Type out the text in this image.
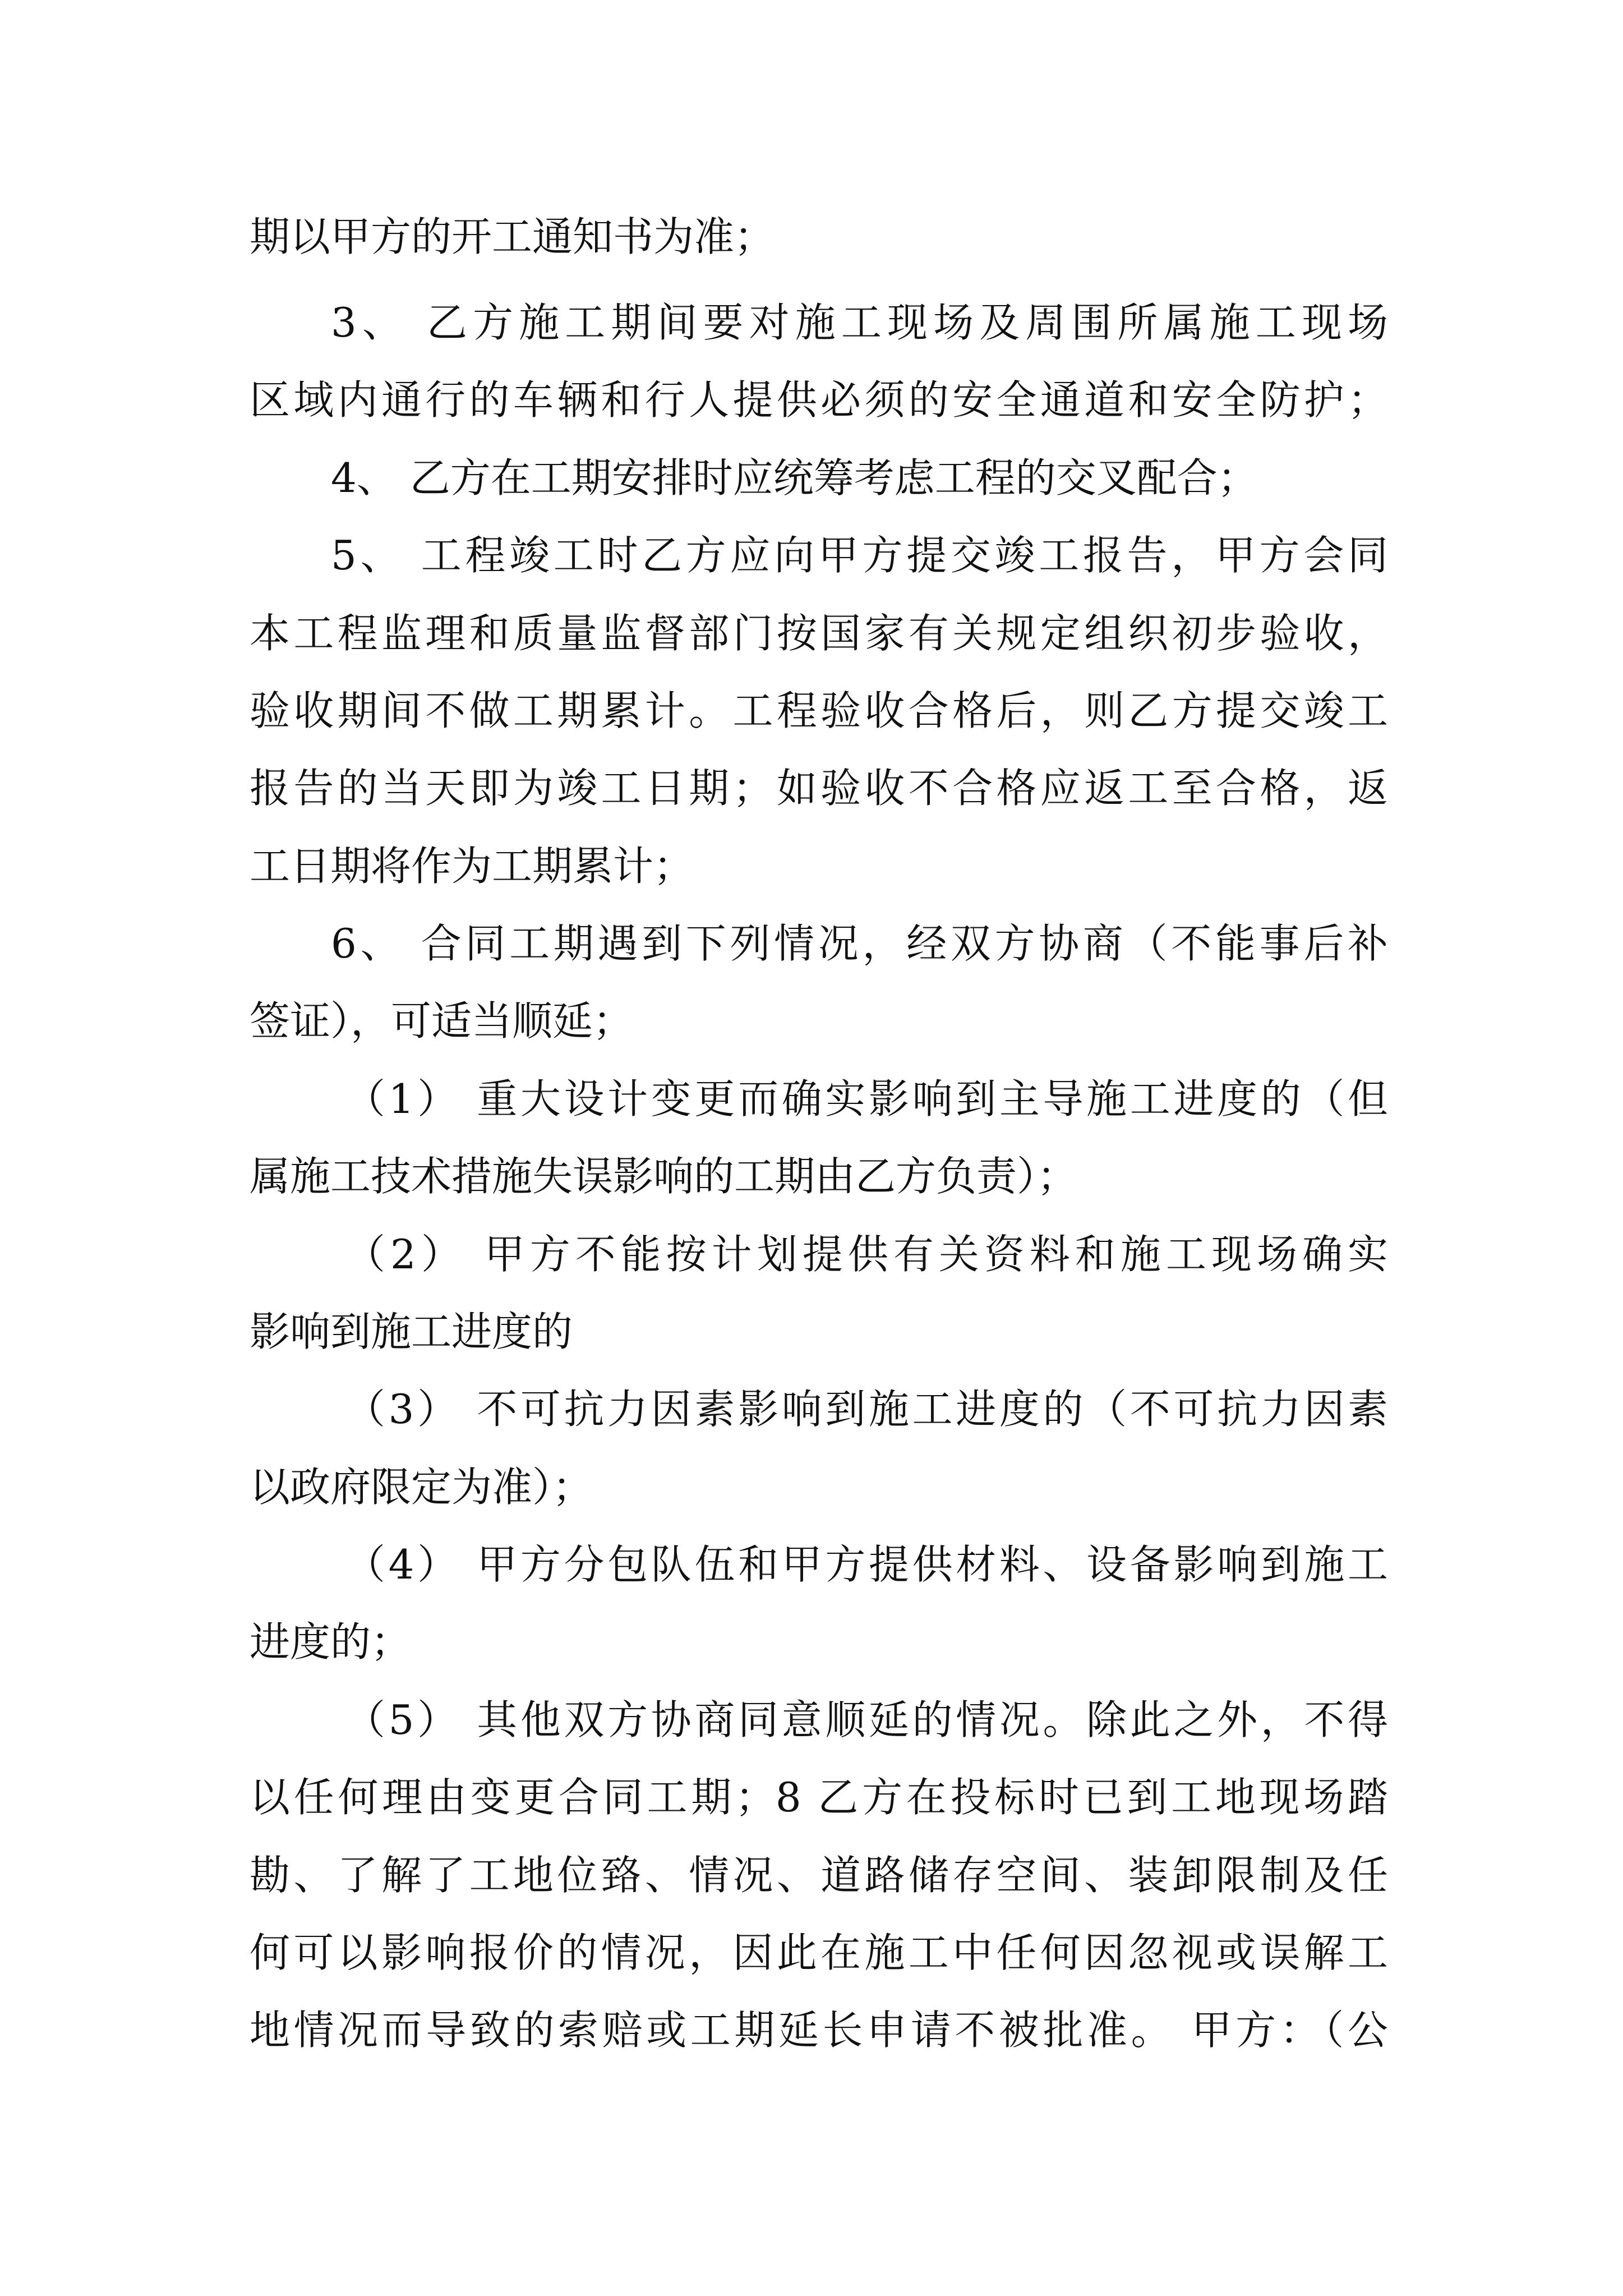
期以甲方的开工通知书为准；
3、 乙方施工期间要对施工现场及周围所属施工现场
区域内通行的车辆和行人提供必须的安全通道和安全防护；
4、 乙方在工期安排时应统筹考虑工程的交叉配合；
5、 工程竣工时乙方应向甲方提交竣工报告，甲方会同
本工程监理和质量监督部门按国家有关规定组织初步验收，
验收期间不做工期累计。工程验收合格后，则乙方提交竣工
报告的当天即为竣工日期；如验收不合格应返工至合格，返
工日期将作为工期累计；
6、 合同工期遇到下列情况，经双方协商（不能事后补
签证），可适当顺延；
（1） 重大设计变更而确实影响到主导施工进度的（但
属施工技术措施失误影响的工期由乙方负责）；
（2） 甲方不能按计划提供有关资料和施工现场确实
影响到施工进度的
（3） 不可抗力因素影响到施工进度的（不可抗力因素
以政府限定为准）；
（4） 甲方分包队伍和甲方提供材料、设备影响到施工
进度的；
（5） 其他双方协商同意顺延的情况。除此之外，不得
以任何理由变更合同工期；8 乙方在投标时已到工地现场踏
勘、了解了工地位臵、情况、道路储存空间、装卸限制及任
何可以影响报价的情况，因此在施工中任何因忽视或误解工
地情况而导致的索赔或工期延长申请不被批准。 甲方：（公
